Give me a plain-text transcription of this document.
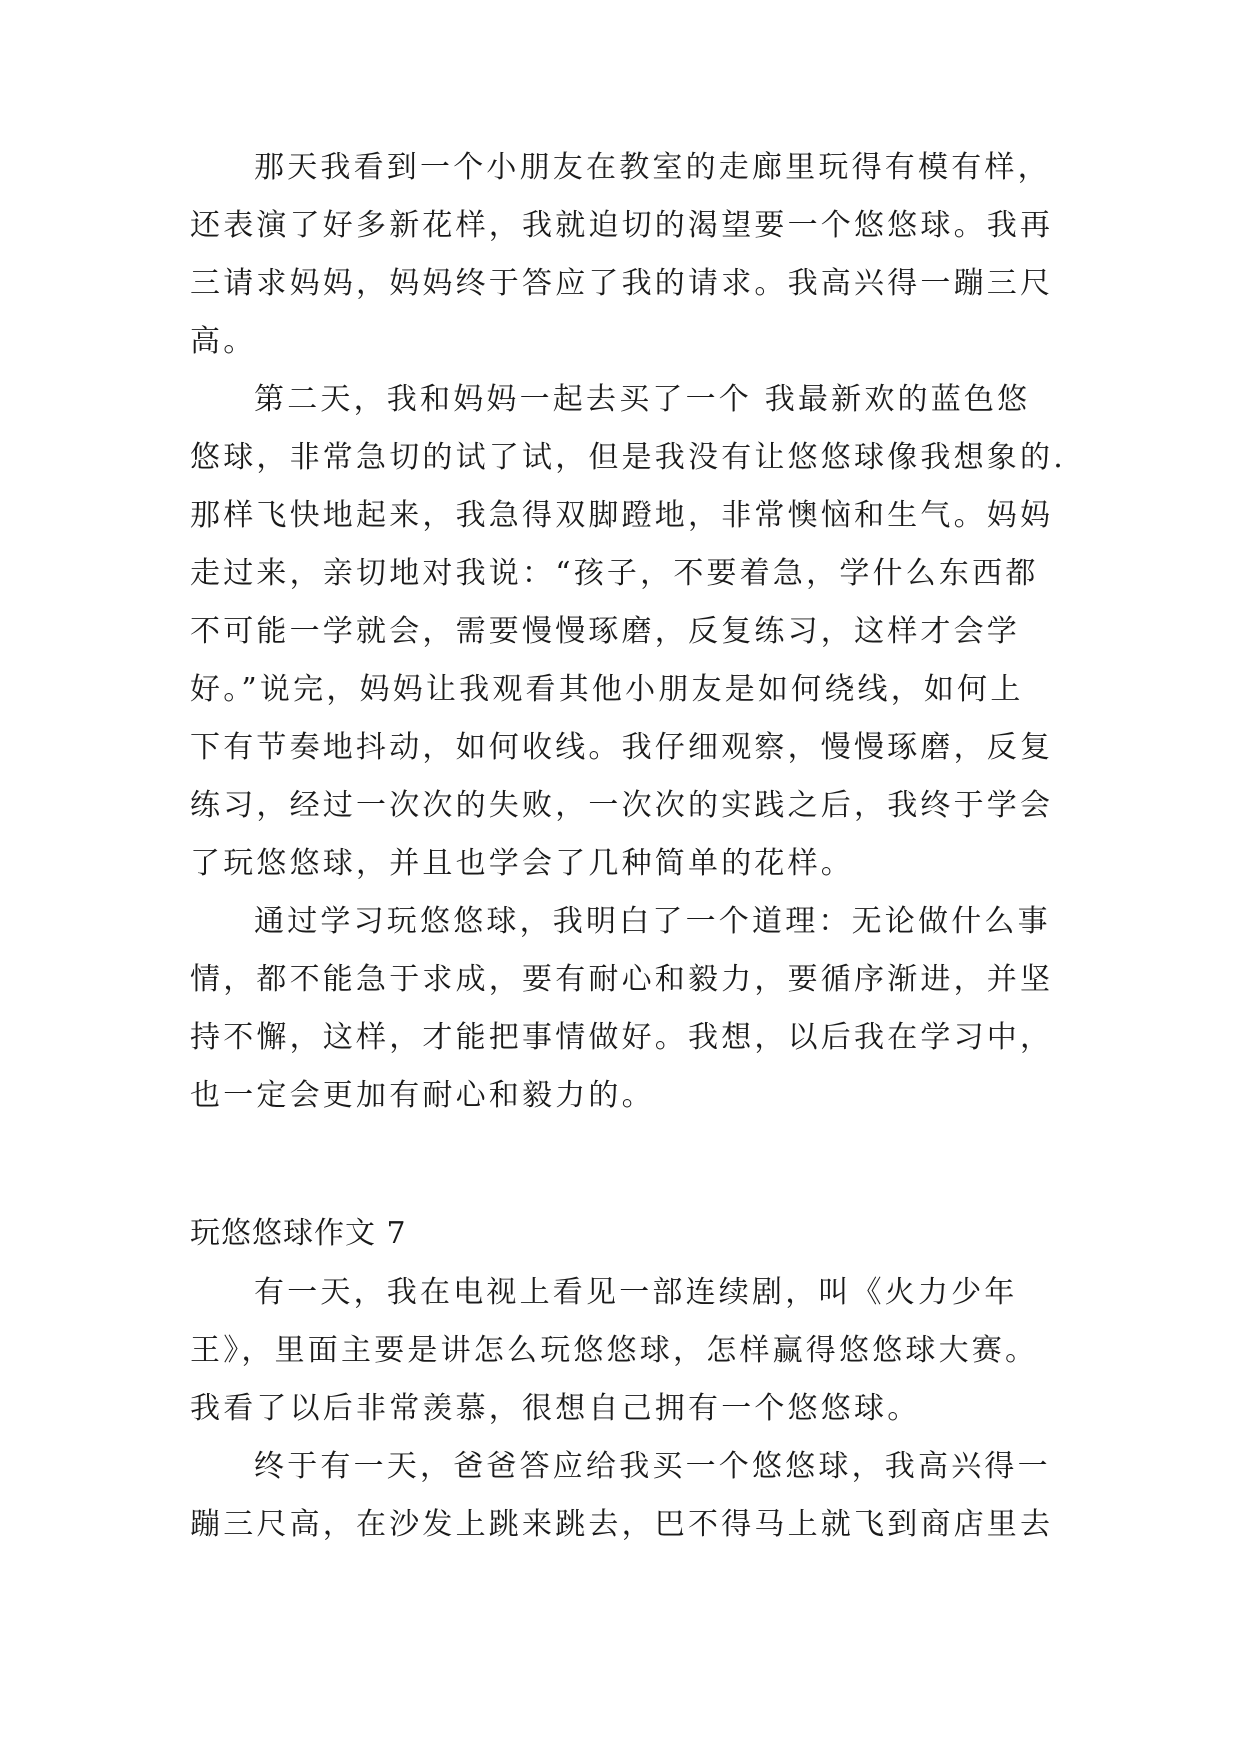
那天我看到一个小朋友在教室的走廊里玩得有模有样，
还表演了好多新花样，我就迫切的渴望要一个悠悠球。我再
三请求妈妈，妈妈终于答应了我的请求。我高兴得一蹦三尺
高。
第二天，我和妈妈一起去买了一个 我最新欢的蓝色悠
悠球，非常急切的试了试，但是我没有让悠悠球像我想象的.
那样飞快地起来，我急得双脚蹬地，非常懊恼和生气。妈妈
走过来，亲切地对我说：“孩子，不要着急，学什么东西都
不可能一学就会，需要慢慢琢磨，反复练习，这样才会学
好。”说完，妈妈让我观看其他小朋友是如何绕线，如何上
下有节奏地抖动，如何收线。我仔细观察，慢慢琢磨，反复
练习，经过一次次的失败，一次次的实践之后，我终于学会
了玩悠悠球，并且也学会了几种简单的花样。
通过学习玩悠悠球，我明白了一个道理：无论做什么事
情，都不能急于求成，要有耐心和毅力，要循序渐进，并坚
持不懈，这样，才能把事情做好。我想，以后我在学习中，
也一定会更加有耐心和毅力的。
玩悠悠球作文 7
有一天，我在电视上看见一部连续剧，叫《火力少年
王》，里面主要是讲怎么玩悠悠球，怎样赢得悠悠球大赛。
我看了以后非常羡慕，很想自己拥有一个悠悠球。
终于有一天，爸爸答应给我买一个悠悠球，我高兴得一
蹦三尺高，在沙发上跳来跳去，巴不得马上就飞到商店里去
